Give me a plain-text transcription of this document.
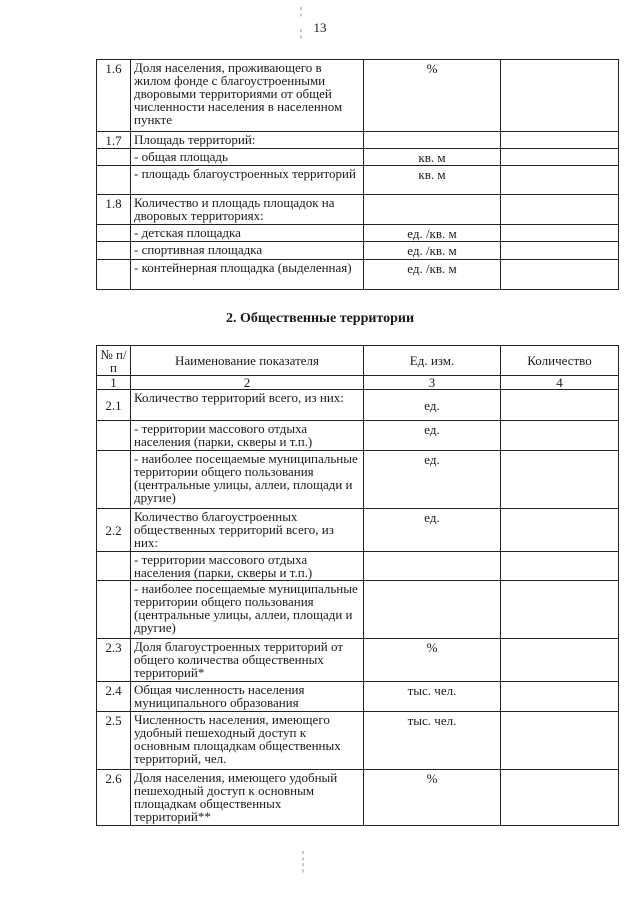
¦
¦ 13
1.6	Доля населения, проживающего в жилом фонде с благоустроенными дворовыми территориями от общей численности населения в населенном пункте	%	
1.7	Площадь территорий:		
	- общая площадь	кв. м	
	- площадь благоустроенных территорий	кв. м	
1.8	Количество и площадь площадок на дворовых территориях:		
	- детская площадка	ед. /кв. м	
	- спортивная площадка	ед. /кв. м	
	- контейнерная площадка (выделенная)	ед. /кв. м	
2. Общественные территории
№ п/п	Наименование показателя	Ед. изм.	Количество
1	2	3	4
2.1	Количество территорий всего, из них:	ед.	
	- территории массового отдыха населения (парки, скверы и т.п.)	ед.	
	- наиболее посещаемые муниципальные территории общего пользования (центральные улицы, аллеи, площади и другие)	ед.	
2.2	Количество благоустроенных общественных территорий всего, из них:	ед.	
	- территории массового отдыха населения (парки, скверы и т.п.)		
	- наиболее посещаемые муниципальные территории общего пользования (центральные улицы, аллеи, площади и другие)		
2.3	Доля благоустроенных территорий от общего количества общественных территорий*	%	
2.4	Общая численность населения муниципального образования	тыс. чел.	
2.5	Численность населения, имеющего удобный пешеходный доступ к основным площадкам общественных территорий, чел.	тыс. чел.	
2.6	Доля населения, имеющего удобный пешеходный доступ к основным площадкам общественных территорий**	%	
¦
¦
